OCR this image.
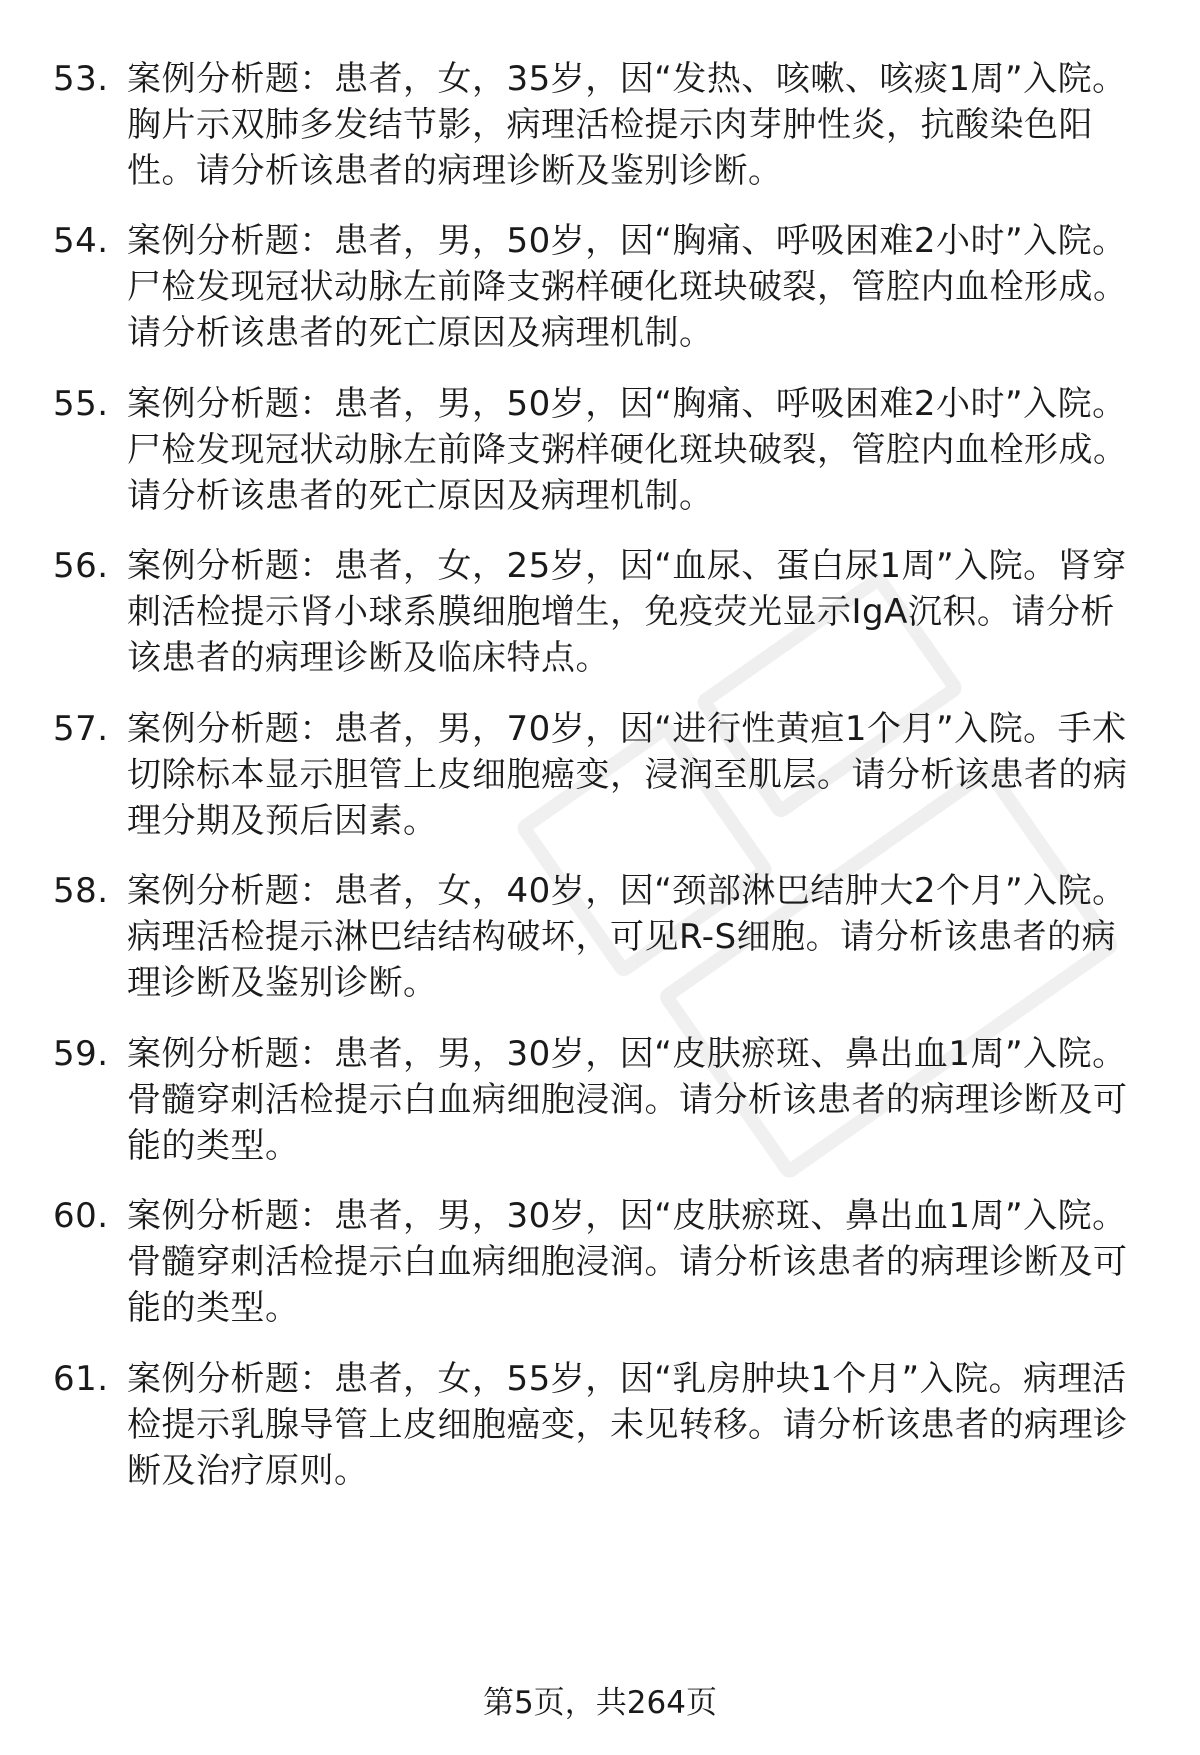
53. 案例分析题：患者，女，35岁，因“发热、咳嗽、咳痰1周”入院。胸片示双肺多发结节影，病理活检提示肉芽肿性炎，抗酸染色阳性。请分析该患者的病理诊断及鉴别诊断。
54. 案例分析题：患者，男，50岁，因“胸痛、呼吸困难2小时”入院。尸检发现冠状动脉左前降支粥样硬化斑块破裂，管腔内血栓形成。请分析该患者的死亡原因及病理机制。
55. 案例分析题：患者，男，50岁，因“胸痛、呼吸困难2小时”入院。尸检发现冠状动脉左前降支粥样硬化斑块破裂，管腔内血栓形成。请分析该患者的死亡原因及病理机制。
56. 案例分析题：患者，女，25岁，因“血尿、蛋白尿1周”入院。肾穿刺活检提示肾小球系膜细胞增生，免疫荧光显示IgA沉积。请分析该患者的病理诊断及临床特点。
57. 案例分析题：患者，男，70岁，因“进行性黄疸1个月”入院。手术切除标本显示胆管上皮细胞癌变，浸润至肌层。请分析该患者的病理分期及预后因素。
58. 案例分析题：患者，女，40岁，因“颈部淋巴结肿大2个月”入院。病理活检提示淋巴结结构破坏，可见R-S细胞。请分析该患者的病理诊断及鉴别诊断。
59. 案例分析题：患者，男，30岁，因“皮肤瘀斑、鼻出血1周”入院。骨髓穿刺活检提示白血病细胞浸润。请分析该患者的病理诊断及可能的类型。
60. 案例分析题：患者，男，30岁，因“皮肤瘀斑、鼻出血1周”入院。骨髓穿刺活检提示白血病细胞浸润。请分析该患者的病理诊断及可能的类型。
61. 案例分析题：患者，女，55岁，因“乳房肿块1个月”入院。病理活检提示乳腺导管上皮细胞癌变，未见转移。请分析该患者的病理诊断及治疗原则。
第5页，共264页
